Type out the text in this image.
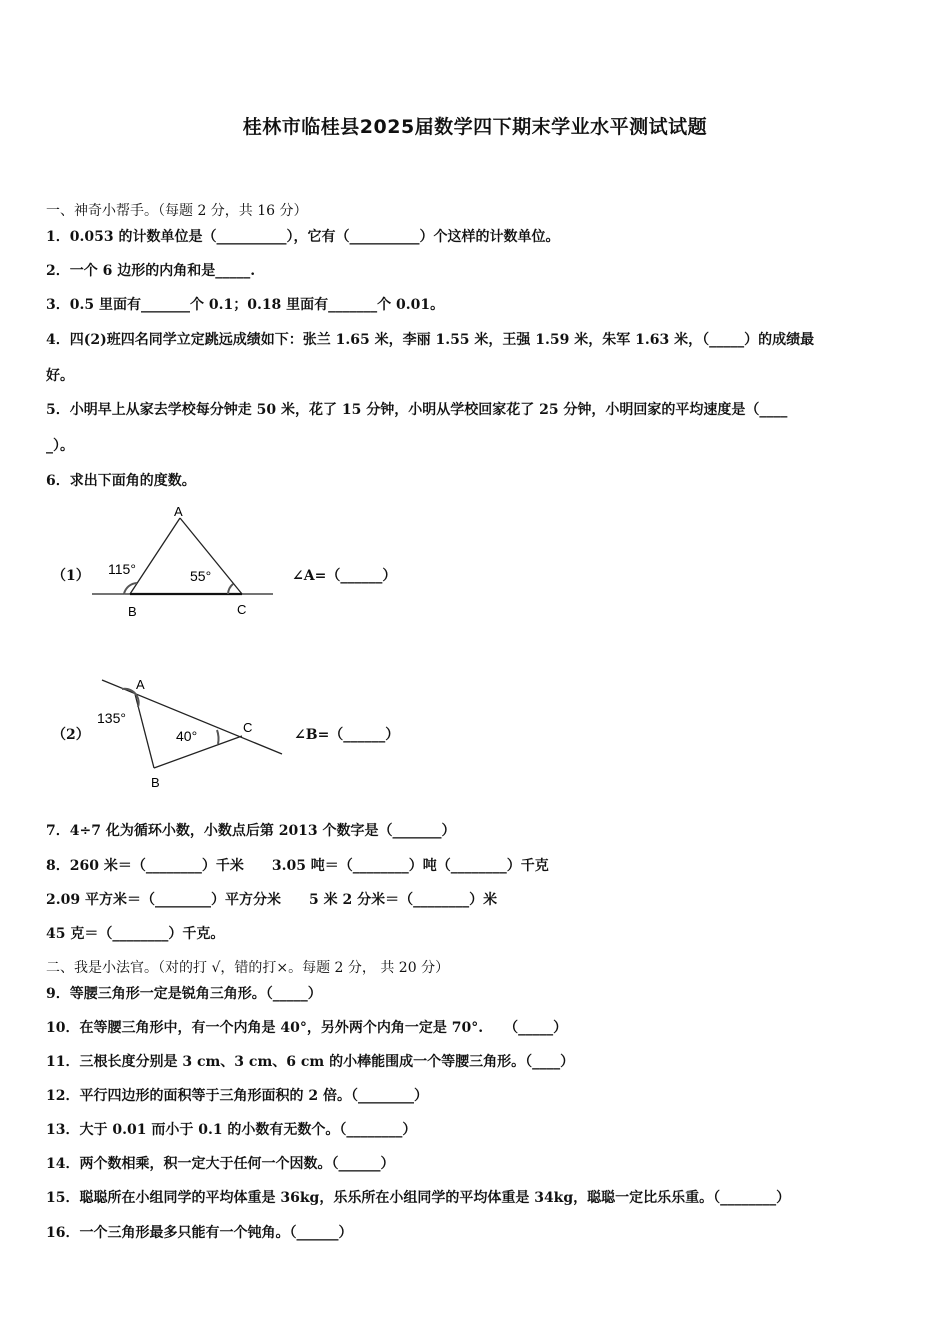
桂林市临桂县2025届数学四下期末学业水平测试试题
一、神奇小帮手。（每题 2 分，共 16 分）
1．0.053 的计数单位是（__________），它有（__________）个这样的计数单位。
2．一个 6 边形的内角和是_____.
3．0.5 里面有_______个 0.1；0.18 里面有_______个 0.01。
4．四(2)班四名同学立定跳远成绩如下：张兰 1.65 米，李丽 1.55 米，王强 1.59 米，朱军 1.63 米，（_____）的成绩最
好。
5．小明早上从家去学校每分钟走 50 米，花了 15 分钟，小明从学校回家花了 25 分钟，小明回家的平均速度是（____
_）。
6．求出下面角的度数。
（1）
A
B	C
115°	55°	∠A=（______）
（2）
A
B
C
135°
40°	∠B=（______）
7．4÷7 化为循环小数，小数点后第 2013 个数字是（_______）
8．260 米＝（________）千米　　3.05 吨＝（________）吨（________）千克
2.09 平方米＝（________）平方分米　　5 米 2 分米＝（________）米
45 克＝（________）千克。
二、我是小法官。（对的打 √，错的打×。每题 2 分， 共 20 分）
9．等腰三角形一定是锐角三角形。（_____）
10．在等腰三角形中，有一个内角是 40°，另外两个内角一定是 70°.　　（_____）
11．三根长度分别是 3 cm、3 cm、6 cm 的小棒能围成一个等腰三角形。（____）
12．平行四边形的面积等于三角形面积的 2 倍。（________）
13．大于 0.01 而小于 0.1 的小数有无数个。（________）
14．两个数相乘，积一定大于任何一个因数。（______）
15．聪聪所在小组同学的平均体重是 36kg，乐乐所在小组同学的平均体重是 34kg，聪聪一定比乐乐重。（________）
16．一个三角形最多只能有一个钝角。（______）
